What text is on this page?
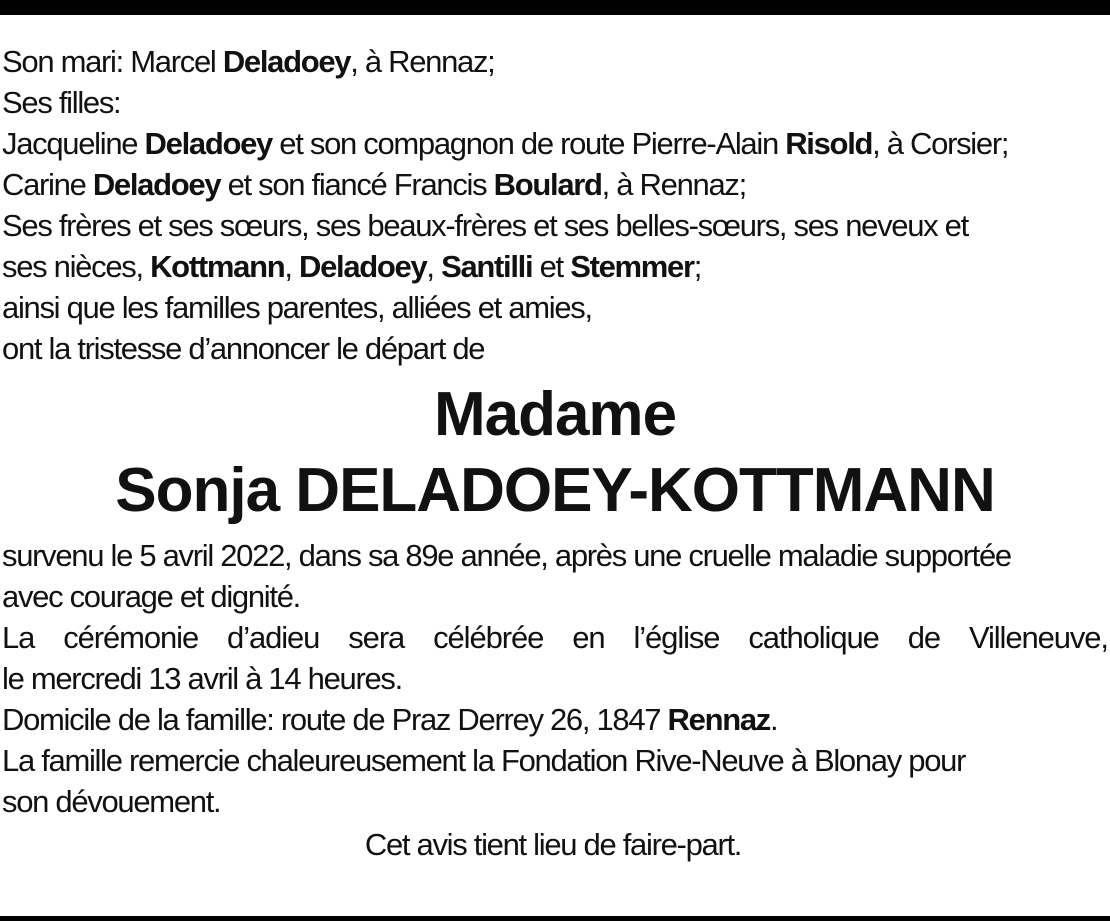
Son mari: Marcel Deladoey, à Rennaz;
Ses filles:
Jacqueline Deladoey et son compagnon de route Pierre-Alain Risold, à Corsier;
Carine Deladoey et son fiancé Francis Boulard, à Rennaz;
Ses frères et ses sœurs, ses beaux-frères et ses belles-sœurs, ses neveux et
ses nièces, Kottmann, Deladoey, Santilli et Stemmer;
ainsi que les familles parentes, alliées et amies,
ont la tristesse d’annoncer le départ de
Madame
Sonja DELADOEY-KOTTMANN
survenu le 5 avril 2022, dans sa 89e année, après une cruelle maladie supportée
avec courage et dignité.
La cérémonie d’adieu sera célébrée en l’église catholique de Villeneuve,
le mercredi 13 avril à 14 heures.
Domicile de la famille: route de Praz Derrey 26, 1847 Rennaz.
La famille remercie chaleureusement la Fondation Rive-Neuve à Blonay pour
son dévouement.
Cet avis tient lieu de faire-part.
